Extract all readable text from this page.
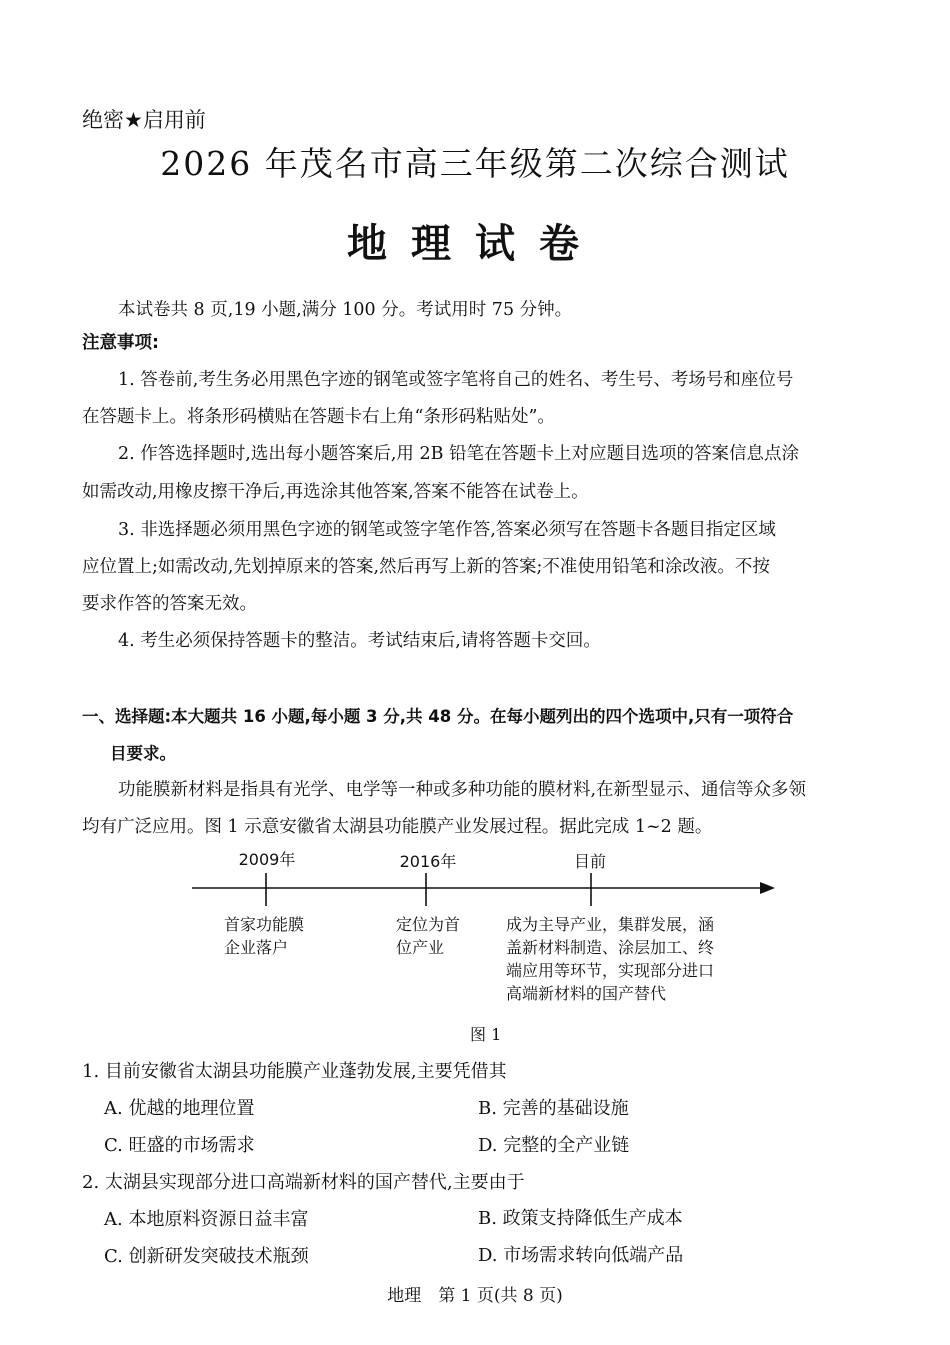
绝密★启用前
2026 年茂名市高三年级第二次综合测试
地理试卷
本试卷共 8 页,19 小题,满分 100 分。考试用时 75 分钟。
注意事项:
1. 答卷前,考生务必用黑色字迹的钢笔或签字笔将自己的姓名、考生号、考场号和座位号
在答题卡上。将条形码横贴在答题卡右上角“条形码粘贴处”。
2. 作答选择题时,选出每小题答案后,用 2B 铅笔在答题卡上对应题目选项的答案信息点涂
如需改动,用橡皮擦干净后,再选涂其他答案,答案不能答在试卷上。
3. 非选择题必须用黑色字迹的钢笔或签字笔作答,答案必须写在答题卡各题目指定区域
应位置上;如需改动,先划掉原来的答案,然后再写上新的答案;不准使用铅笔和涂改液。不按
要求作答的答案无效。
4. 考生必须保持答题卡的整洁。考试结束后,请将答题卡交回。
一、选择题:本大题共 16 小题,每小题 3 分,共 48 分。在每小题列出的四个选项中,只有一项符合
目要求。
功能膜新材料是指具有光学、电学等一种或多种功能的膜材料,在新型显示、通信等众多领
均有广泛应用。图 1 示意安徽省太湖县功能膜产业发展过程。据此完成 1~2 题。
2009年	2016年	目前
首家功能膜
企业落户
定位为首
位产业
成为主导产业，集群发展，涵
盖新材料制造、涂层加工、终
端应用等环节，实现部分进口
高端新材料的国产替代
图 1
1. 目前安徽省太湖县功能膜产业蓬勃发展,主要凭借其
A. 优越的地理位置	B. 完善的基础设施
C. 旺盛的市场需求	D. 完整的全产业链
2. 太湖县实现部分进口高端新材料的国产替代,主要由于
A. 本地原料资源日益丰富	B. 政策支持降低生产成本
C. 创新研发突破技术瓶颈	D. 市场需求转向低端产品
地理　第 1 页(共 8 页)
